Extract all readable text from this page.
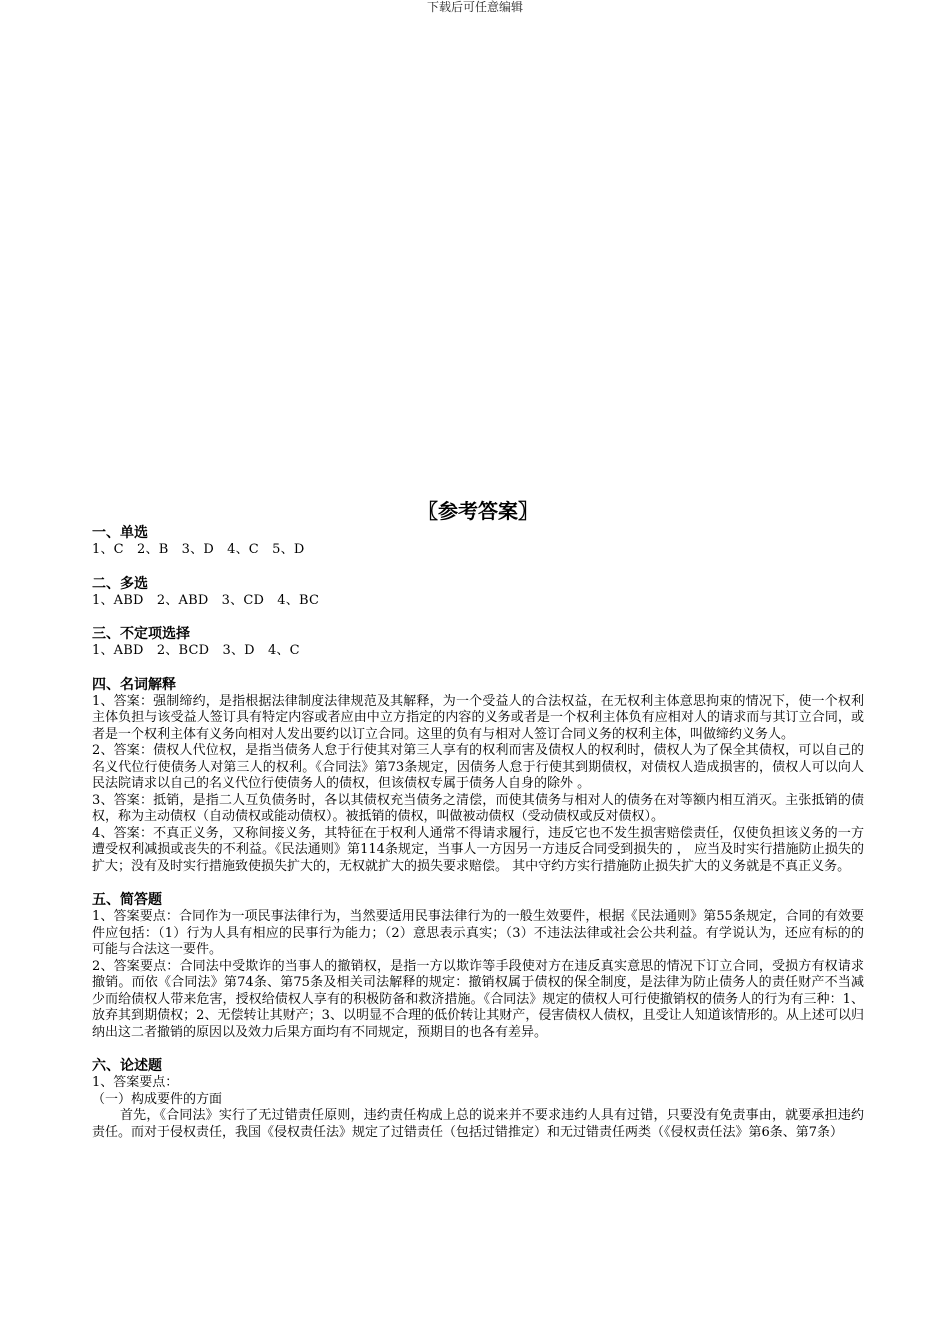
下载后可任意编辑
〖参考答案〗
一、单选
1、C　2、B　3、D　4、C　5、D
二、多选
1、ABD　2、ABD　3、CD　4、BC
三、不定项选择
1、ABD　2、BCD　3、D　4、C
四、名词解释

1、答案：强制缔约，是指根据法律制度法律规范及其解释，为一个受益人的合法权益，在无权利主体意思拘束的情况下，使一个权利主体负担与该受益人签订具有特定内容或者应由中立方指定的内容的义务或者是一个权利主体负有应相对人的请求而与其订立合同，或者是一个权利主体有义务向相对人发出要约以订立合同。这里的负有与相对人签订合同义务的权利主体，叫做缔约义务人。

2、答案：债权人代位权，是指当债务人怠于行使其对第三人享有的权利而害及债权人的权利时，债权人为了保全其债权，可以自己的名义代位行使债务人对第三人的权利。《合同法》第73条规定，因债务人怠于行使其到期债权，对债权人造成损害的，债权人可以向人民法院请求以自己的名义代位行使债务人的债权，但该债权专属于债务人自身的除外 。

3、答案：抵销，是指二人互负债务时，各以其债权充当债务之清偿，而使其债务与相对人的债务在对等额内相互消灭。主张抵销的债权，称为主动债权（自动债权或能动债权）。被抵销的债权，叫做被动债权（受动债权或反对债权）。

4、答案：不真正义务，又称间接义务，其特征在于权利人通常不得请求履行，违反它也不发生损害赔偿责任，仅使负担该义务的一方遭受权利减损或丧失的不利益。《民法通则》第114条规定，当事人一方因另一方违反合同受到损失的 ， 应当及时实行措施防止损失的扩大；没有及时实行措施致使损失扩大的，无权就扩大的损失要求赔偿。 其中守约方实行措施防止损失扩大的义务就是不真正义务。

五、简答题

1、答案要点：合同作为一项民事法律行为，当然要适用民事法律行为的一般生效要件，根据《民法通则》第55条规定，合同的有效要件应包括：（1）行为人具有相应的民事行为能力；（2）意思表示真实；（3）不违法法律或社会公共利益。有学说认为，还应有标的的可能与合法这一要件。

2、答案要点：合同法中受欺诈的当事人的撤销权，是指一方以欺诈等手段使对方在违反真实意思的情况下订立合同，受损方有权请求撤销。而依《合同法》第74条、第75条及相关司法解释的规定：撤销权属于债权的保全制度，是法律为防止债务人的责任财产不当减少而给债权人带来危害，授权给债权人享有的积极防备和救济措施。《合同法》规定的债权人可行使撤销权的债务人的行为有三种：1、放弃其到期债权；2、无偿转让其财产；3、以明显不合理的低价转让其财产，侵害债权人债权，且受让人知道该情形的。从上述可以归纳出这二者撤销的原因以及效力后果方面均有不同规定，预期目的也各有差异。

六、论述题

1、答案要点：

（一）构成要件的方面

首先，《合同法》实行了无过错责任原则，违约责任构成上总的说来并不要求违约人具有过错，只要没有免责事由，就要承担违约责任。而对于侵权责任，我国《侵权责任法》规定了过错责任（包括过错推定）和无过错责任两类（《侵权责任法》第6条、第7条）
